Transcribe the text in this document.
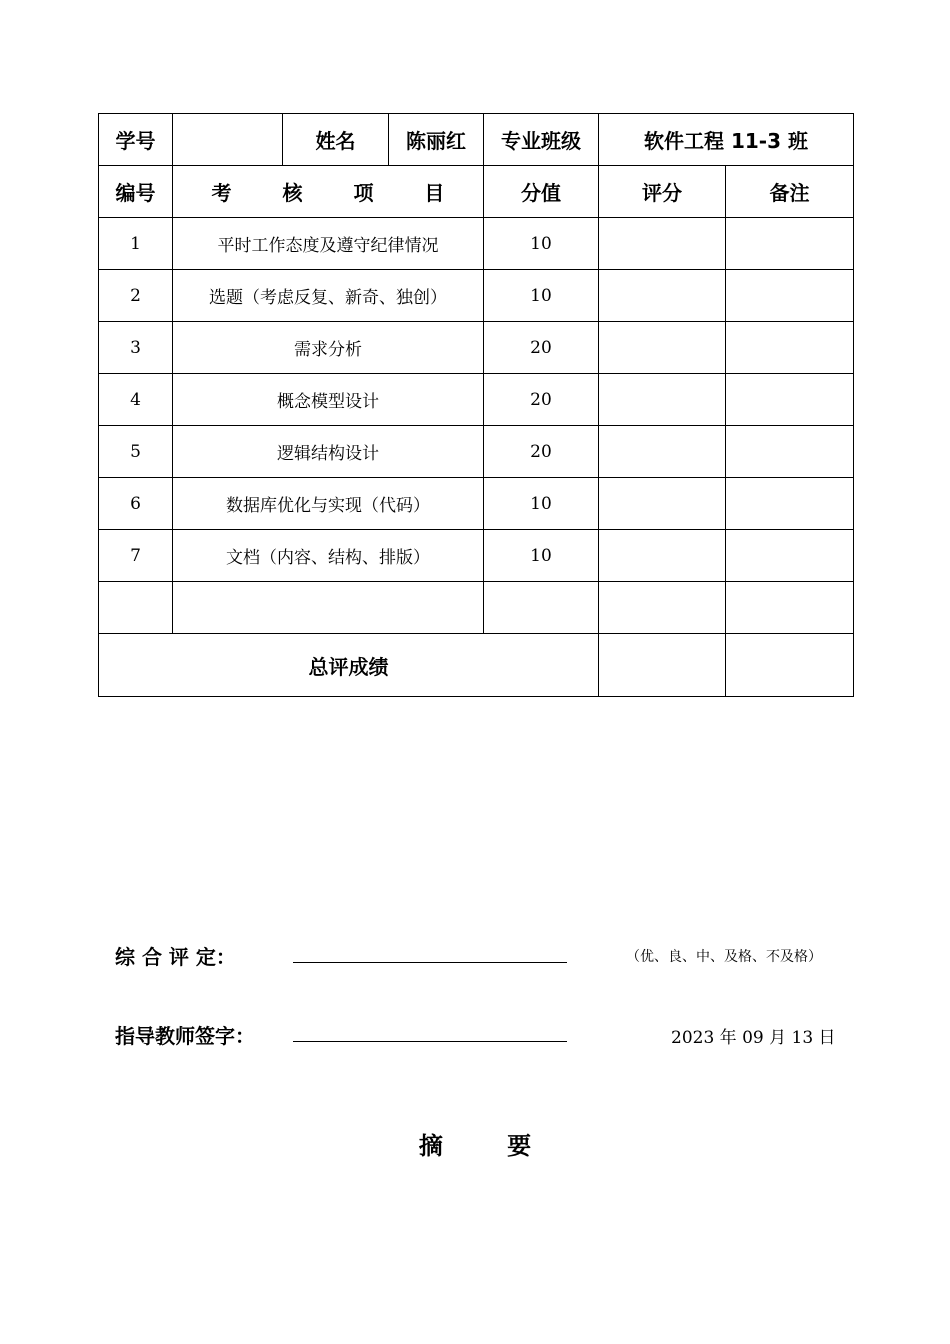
学号		姓名	陈丽红	专业班级	软件工程 11-3 班	
编号	考 核 项 目			分值	评分	备注
1	平时工作态度及遵守纪律情况			10		
2	选题（考虑反复、新奇、独创）			10		
3	需求分析			20		
4	概念模型设计			20		
5	逻辑结构设计			20		
6	数据库优化与实现（代码）			10		
7	文档（内容、结构、排版）			10		

总评成绩						
综 合 评 定：	（优、良、中、及格、不及格）
指导教师签字：	2023 年 09 月 13 日
摘 要
